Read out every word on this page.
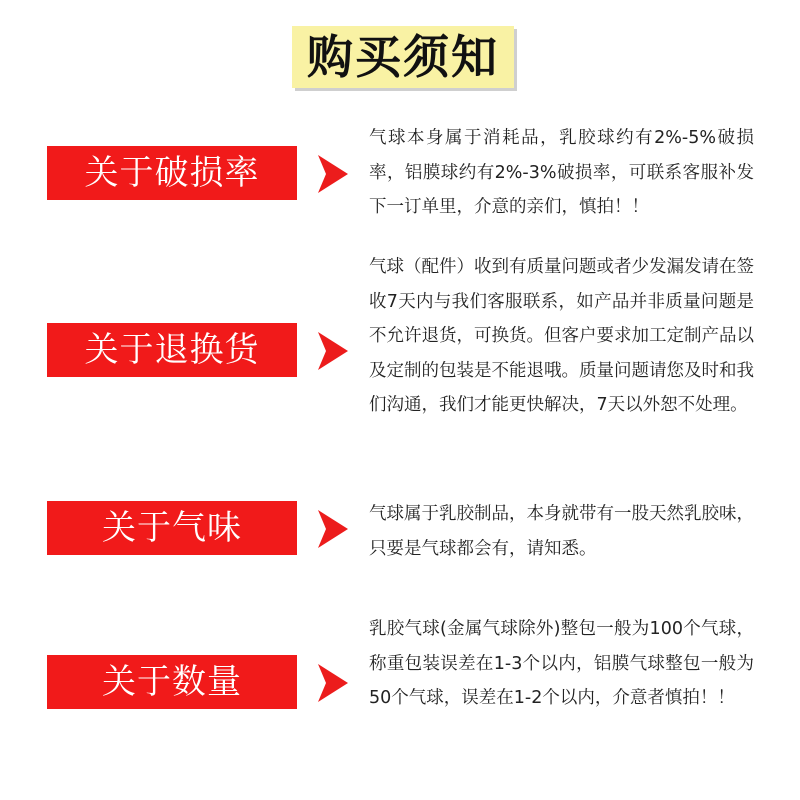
购买须知
关于破损率

气球本身属于消耗品，乳胶球约有2%-5%破损率，铝膜球约有2%-3%破损率，可联系客服补发下一订单里，介意的亲们，慎拍！！

关于退换货

气球（配件）收到有质量问题或者少发漏发请在签收7天内与我们客服联系，如产品并非质量问题是不允许退货，可换货。但客户要求加工定制产品以及定制的包装是不能退哦。质量问题请您及时和我们沟通，我们才能更快解决，7天以外恕不处理。

关于气味	气球属于乳胶制品，本身就带有一股天然乳胶味，只要是气球都会有，请知悉。

关于数量

乳胶气球(金属气球除外)整包一般为100个气球，称重包装误差在1-3个以内，铝膜气球整包一般为50个气球，误差在1-2个以内，介意者慎拍！！
